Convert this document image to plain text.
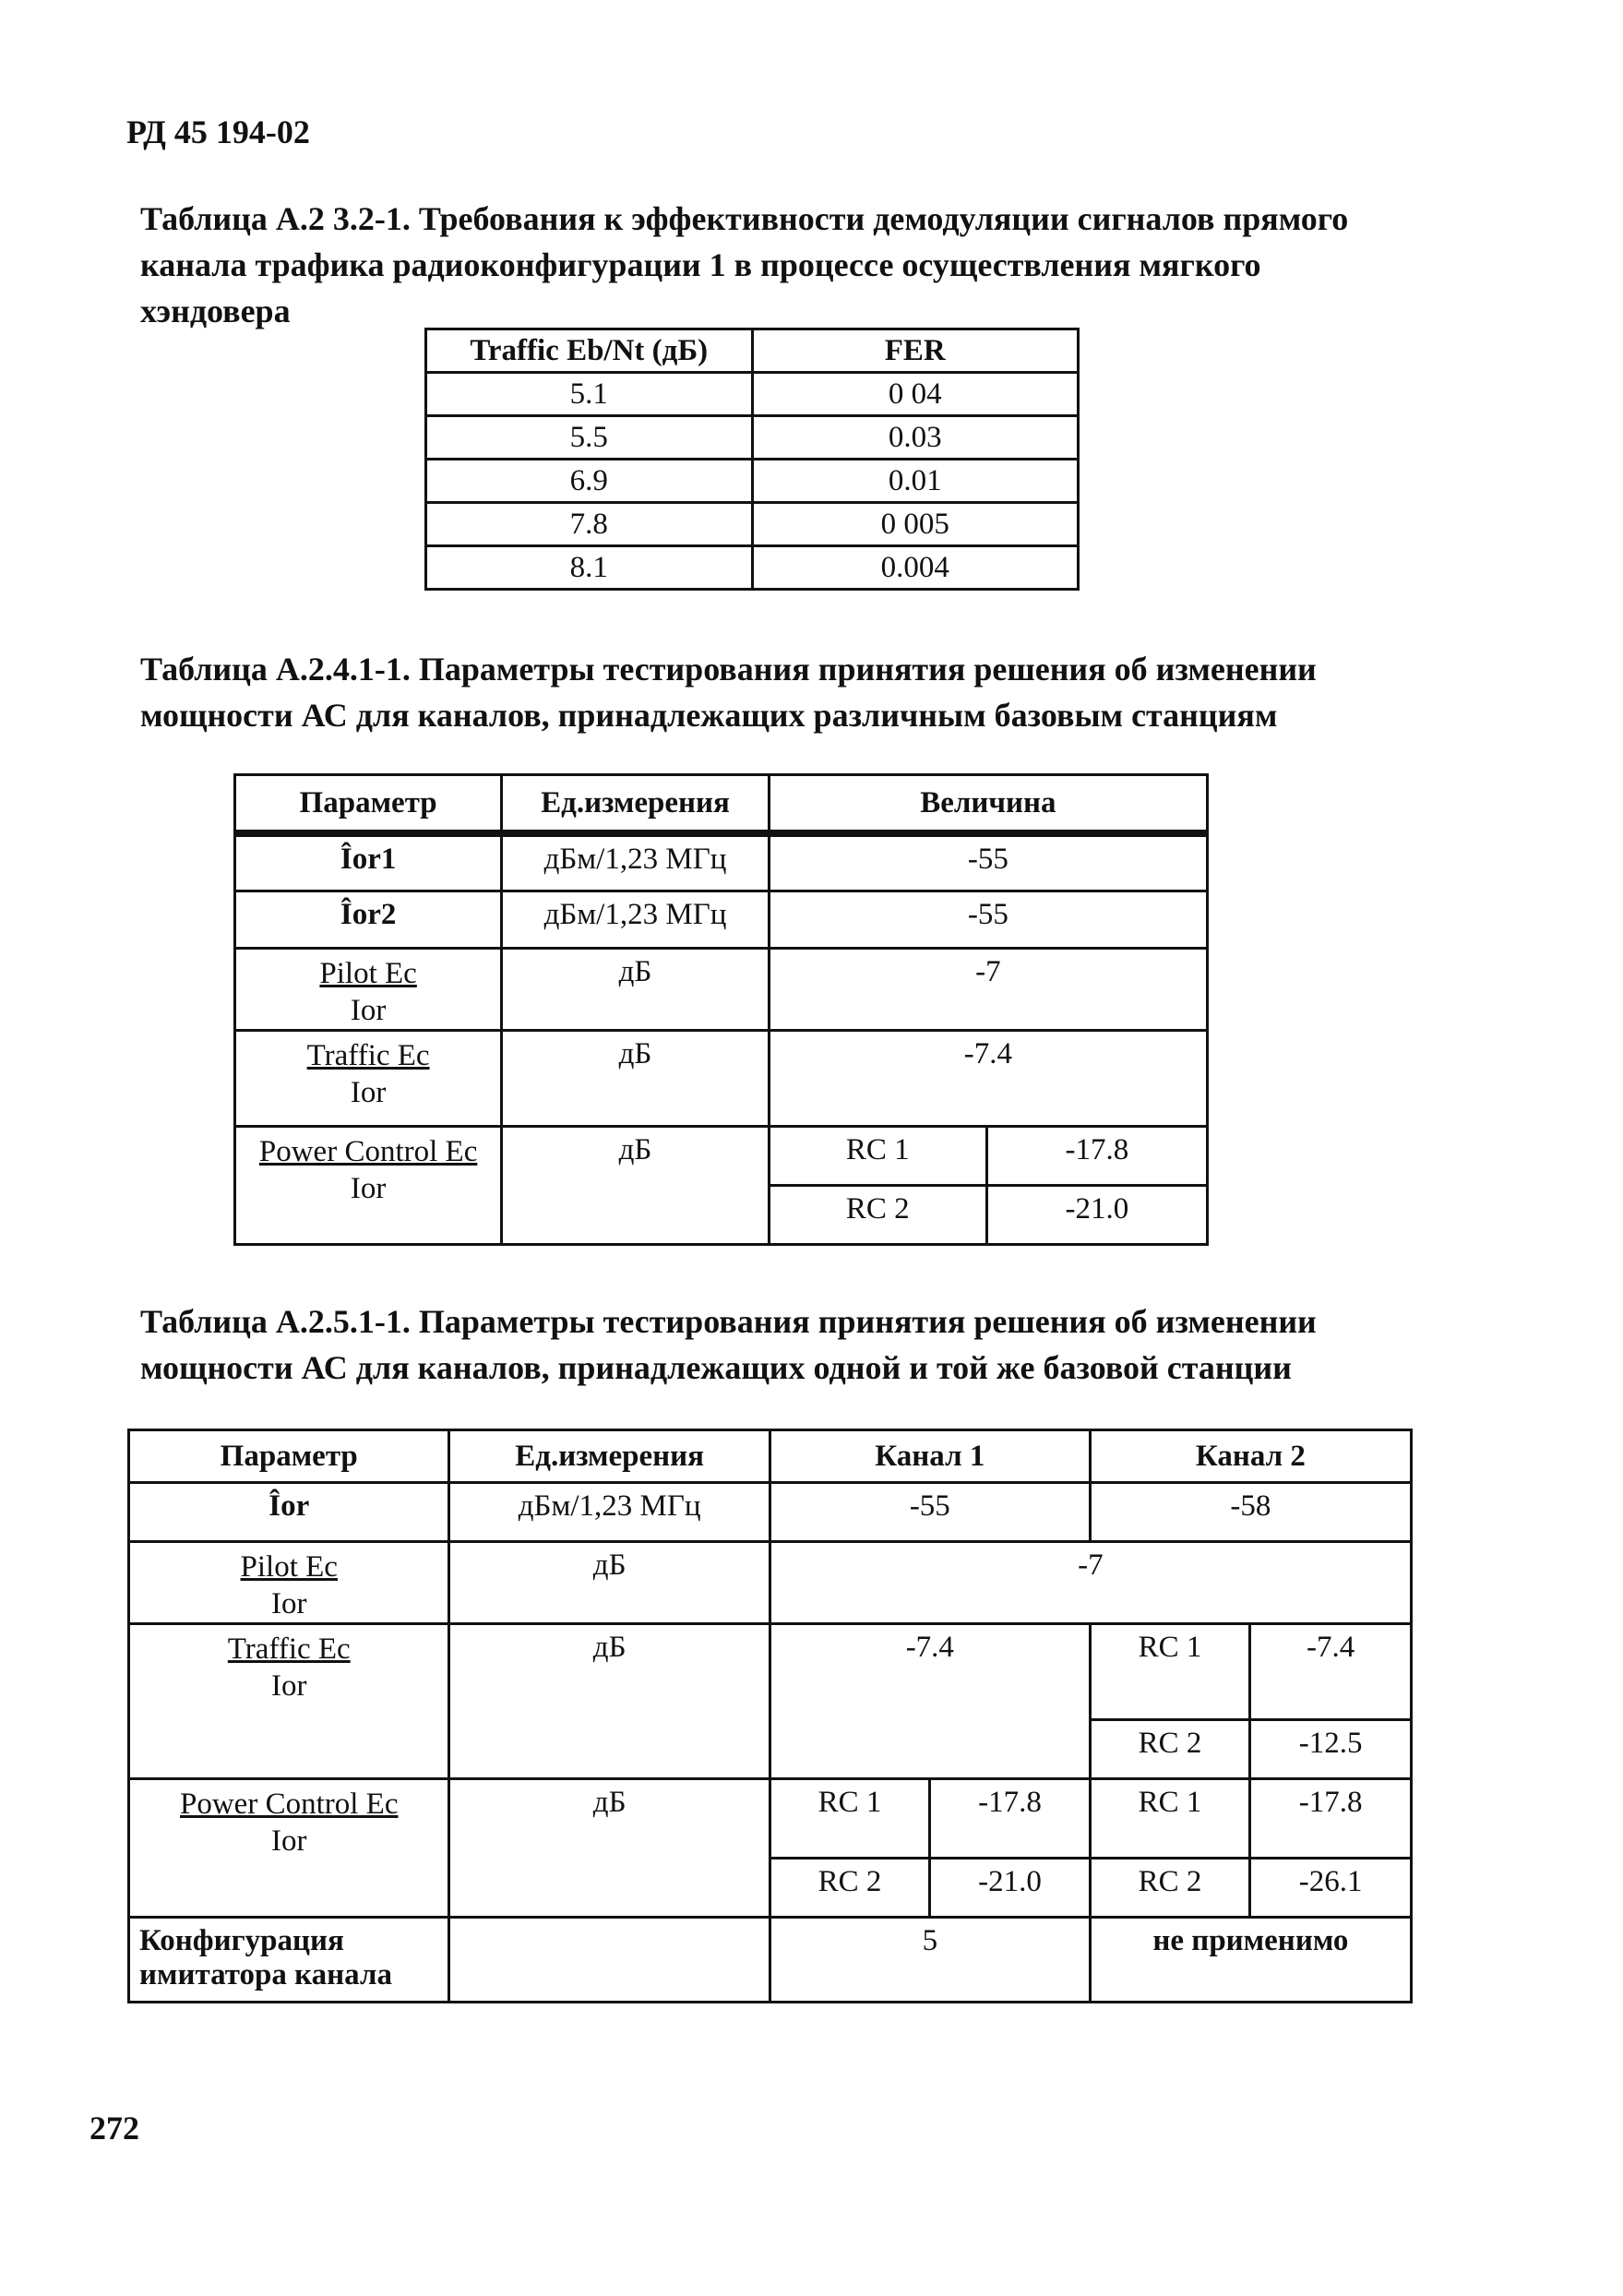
РД 45 194-02
Таблица А.2 3.2-1. Требования к эффективности демодуляции сигналов прямого канала трафика радиоконфигурации 1 в процессе осуществления мягкого хэндовера
Traffic Eb/Nt (дБ)	FER
5.1	0 04
5.5	0.03
6.9	0.01
7.8	0 005
8.1	0.004
Таблица А.2.4.1-1. Параметры тестирования принятия решения об изменении мощности АС для каналов, принадлежащих различным базовым станциям
Параметр	Ед.измерения	Величина	
Îor1	дБм/1,23 МГц	-55	
Îor2	дБм/1,23 МГц	-55	
$\frac{\text{Pilot Ec}}{\text{Ior}}$	дБ	-7	
$\frac{\text{Traffic Ec}}{\text{Ior}}$	дБ	-7.4	
$\frac{\text{Power Control Ec}}{\text{Ior}}$	дБ	RC 1	-17.8
		RC 2	-21.0
Таблица А.2.5.1-1. Параметры тестирования принятия решения об изменении мощности АС для каналов, принадлежащих одной и той же базовой станции
Параметр	Ед.измерения	Канал 1		Канал 2	
Îor	дБм/1,23 МГц	-55		-58	
$\frac{\text{Pilot Ec}}{\text{Ior}}$	дБ	-7			
$\frac{\text{Traffic Ec}}{\text{Ior}}$	дБ	-7.4		RC 1	-7.4
				RC 2	-12.5
$\frac{\text{Power Control Ec}}{\text{Ior}}$	дБ	RC 1	-17.8	RC 1	-17.8
		RC 2	-21.0	RC 2	-26.1
Конфигурация имитатора канала		5		не применимо	
272
